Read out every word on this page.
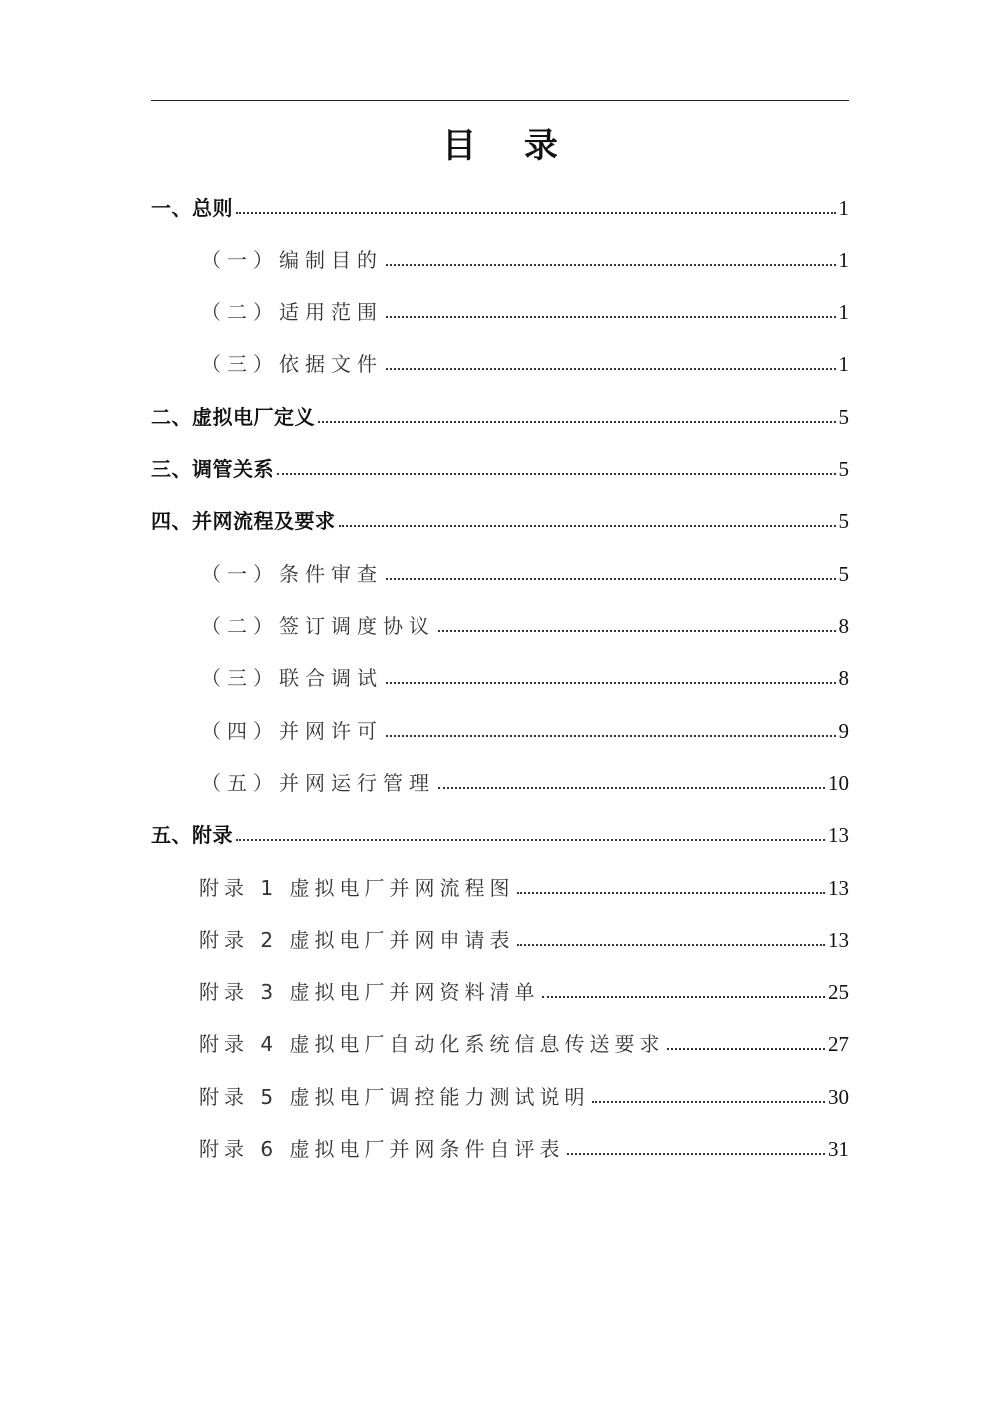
目 录
一、总则	1
（一）编制目的	1
（二）适用范围	1
（三）依据文件	1
二、虚拟电厂定义	5
三、调管关系	5
四、并网流程及要求	5
（一）条件审查	5
（二）签订调度协议	8
（三）联合调试	8
（四）并网许可	9
（五）并网运行管理	10
五、附录	13
附录 1 虚拟电厂并网流程图	13
附录 2 虚拟电厂并网申请表	13
附录 3 虚拟电厂并网资料清单	25
附录 4 虚拟电厂自动化系统信息传送要求	27
附录 5 虚拟电厂调控能力测试说明	30
附录 6 虚拟电厂并网条件自评表	31
